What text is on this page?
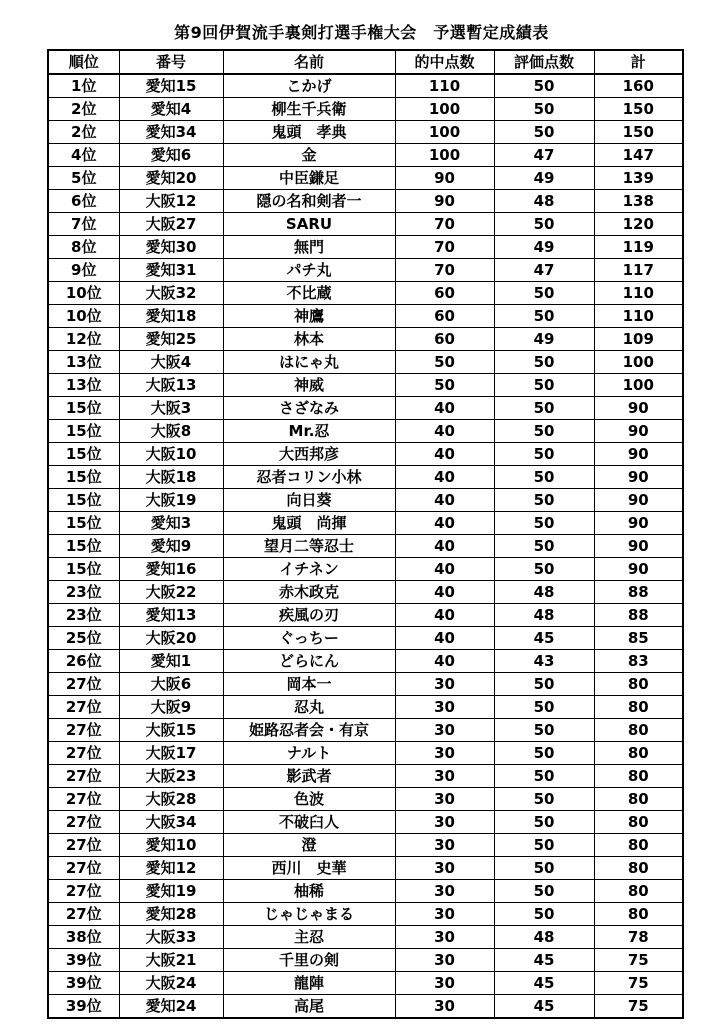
第9回伊賀流手裏剣打選手権大会　予選暫定成績表
順位	番号	名前	的中点数	評価点数	計
1位	愛知15	こかげ	110	50	160
2位	愛知4	柳生千兵衛	100	50	150
2位	愛知34	鬼頭　孝典	100	50	150
4位	愛知6	金	100	47	147
5位	愛知20	中臣鎌足	90	49	139
6位	大阪12	隠の名和剣者一	90	48	138
7位	大阪27	SARU	70	50	120
8位	愛知30	無門	70	49	119
9位	愛知31	パチ丸	70	47	117
10位	大阪32	不比蔵	60	50	110
10位	愛知18	神鷹	60	50	110
12位	愛知25	林本	60	49	109
13位	大阪4	はにゃ丸	50	50	100
13位	大阪13	神威	50	50	100
15位	大阪3	さざなみ	40	50	90
15位	大阪8	Mr.忍	40	50	90
15位	大阪10	大西邦彦	40	50	90
15位	大阪18	忍者コリン小林	40	50	90
15位	大阪19	向日葵	40	50	90
15位	愛知3	鬼頭　尚揮	40	50	90
15位	愛知9	望月二等忍士	40	50	90
15位	愛知16	イチネン	40	50	90
23位	大阪22	赤木政克	40	48	88
23位	愛知13	疾風の刃	40	48	88
25位	大阪20	ぐっちー	40	45	85
26位	愛知1	どらにん	40	43	83
27位	大阪6	岡本一	30	50	80
27位	大阪9	忍丸	30	50	80
27位	大阪15	姫路忍者会・有京	30	50	80
27位	大阪17	ナルト	30	50	80
27位	大阪23	影武者	30	50	80
27位	大阪28	色波	30	50	80
27位	大阪34	不破臼人	30	50	80
27位	愛知10	澄	30	50	80
27位	愛知12	西川　史華	30	50	80
27位	愛知19	柚稀	30	50	80
27位	愛知28	じゃじゃまる	30	50	80
38位	大阪33	主忍	30	48	78
39位	大阪21	千里の剣	30	45	75
39位	大阪24	龍陣	30	45	75
39位	愛知24	高尾	30	45	75
